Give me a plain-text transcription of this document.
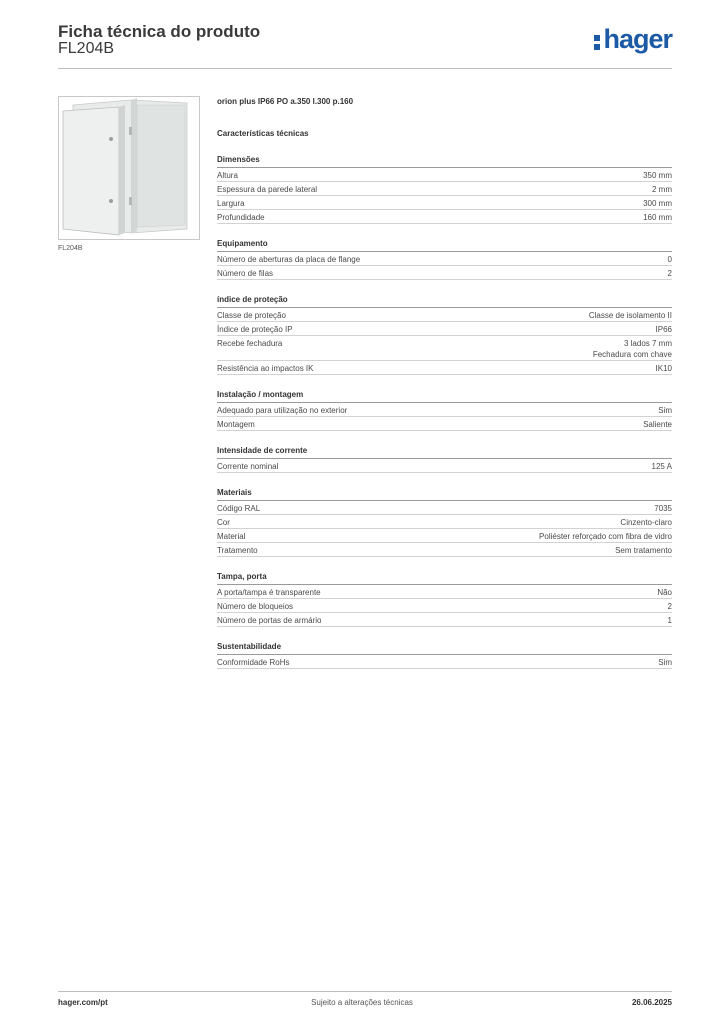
Ficha técnica do produto
FL204B	hager
FL204B
orion plus IP66 PO a.350 l.300 p.160
Características técnicas
Dimensões
Altura	350 mm
Espessura da parede lateral	2 mm
Largura	300 mm
Profundidade	160 mm
Equipamento
Número de aberturas da placa de flange	0
Número de filas	2
índice de proteção
Classe de proteção	Classe de isolamento II
Índice de proteção IP	IP66
Recebe fechadura	3 lados 7 mm
Fechadura com chave
Resistência ao impactos IK	IK10
Instalação / montagem
Adequado para utilização no exterior	Sim
Montagem	Saliente
Intensidade de corrente
Corrente nominal	125 A
Materiais
Código RAL	7035
Cor	Cinzento-claro
Material	Poliéster reforçado com fibra de vidro
Tratamento	Sem tratamento
Tampa, porta
A porta/tampa é transparente	Não
Número de bloqueios	2
Número de portas de armário	1
Sustentabilidade
Conformidade RoHs	Sim
hager.com/pt	Sujeito a alterações técnicas	26.06.2025
